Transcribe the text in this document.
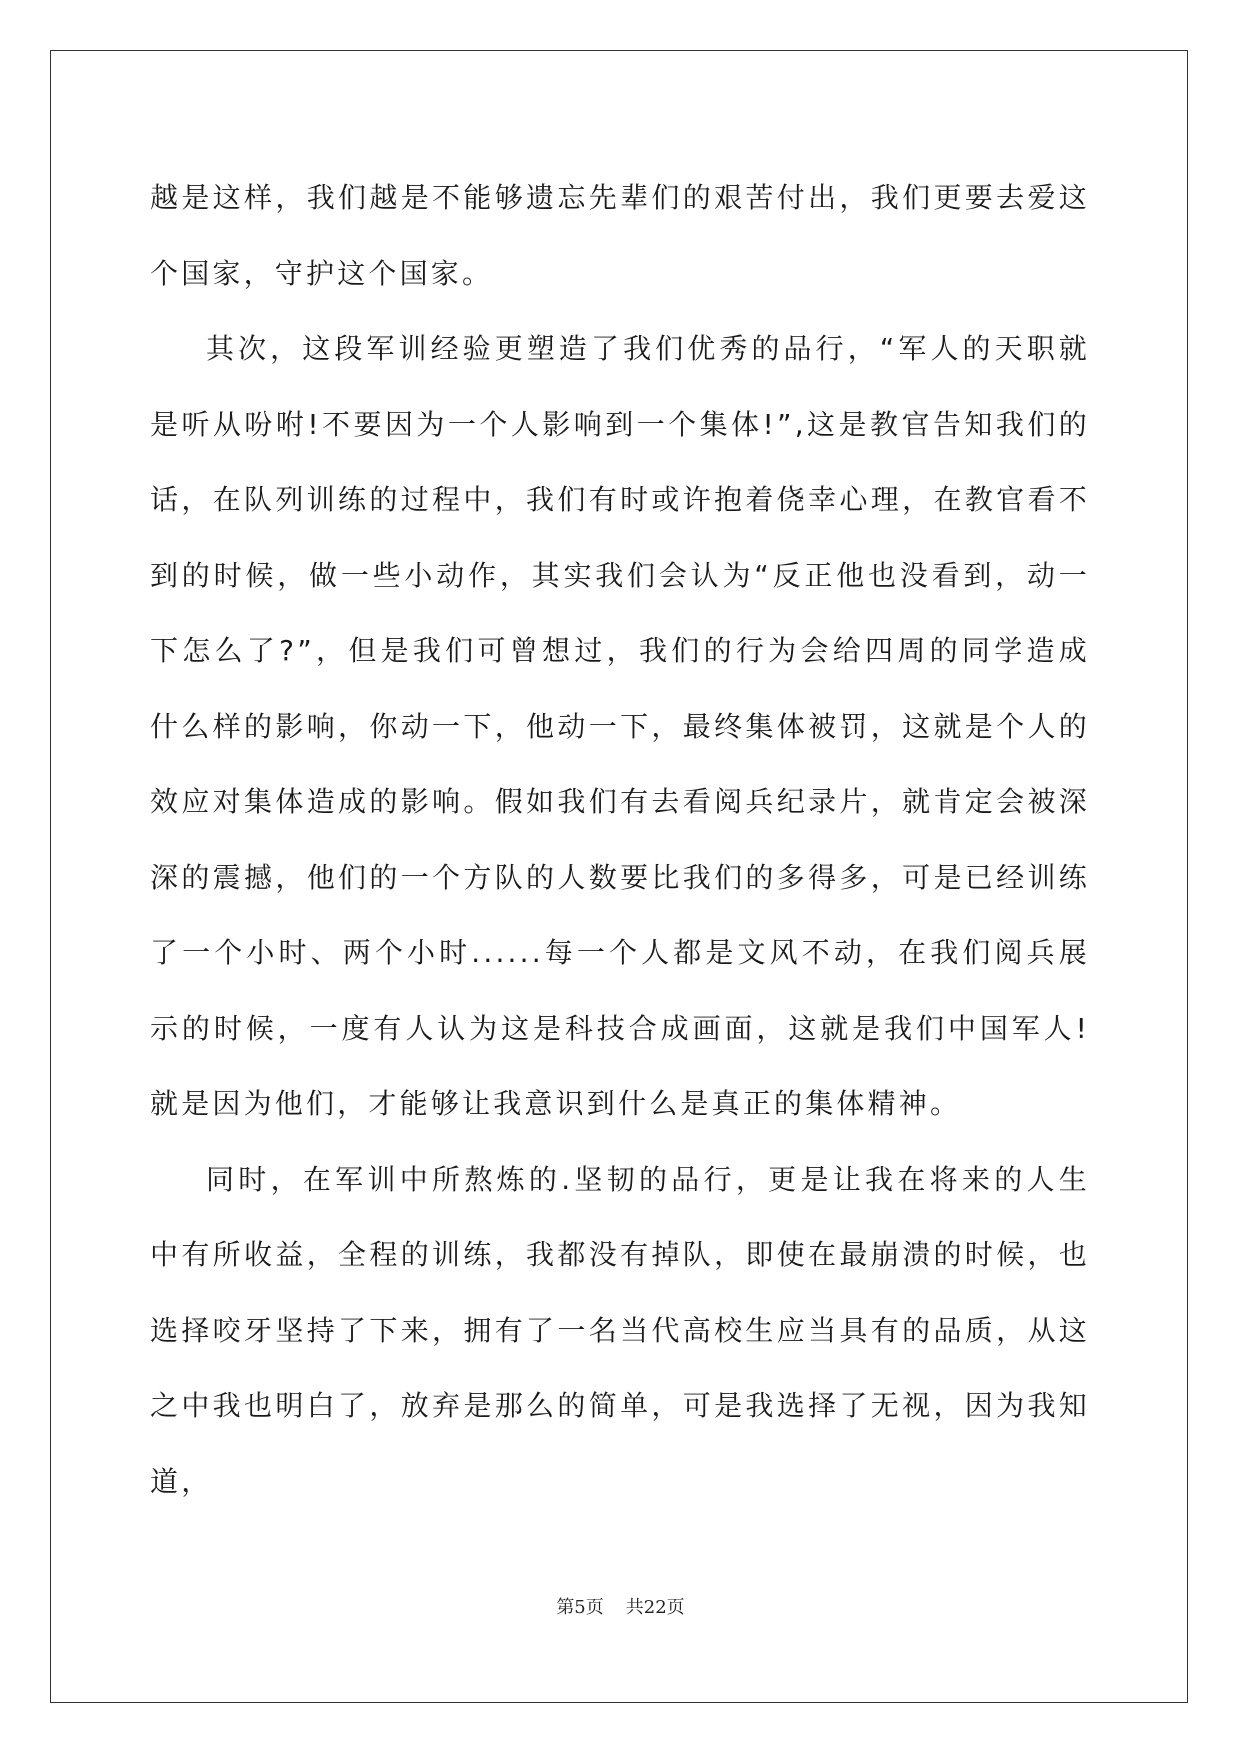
越是这样，我们越是不能够遗忘先辈们的艰苦付出，我们更要去爱这个国家，守护这个国家。

其次，这段军训经验更塑造了我们优秀的品行，“军人的天职就是听从吩咐!不要因为一个人影响到一个集体!”,这是教官告知我们的话，在队列训练的过程中，我们有时或许抱着侥幸心理，在教官看不到的时候，做一些小动作，其实我们会认为“反正他也没看到，动一下怎么了?”，但是我们可曾想过，我们的行为会给四周的同学造成什么样的影响，你动一下，他动一下，最终集体被罚，这就是个人的效应对集体造成的影响。假如我们有去看阅兵纪录片，就肯定会被深深的震撼，他们的一个方队的人数要比我们的多得多，可是已经训练了一个小时、两个小时......每一个人都是文风不动，在我们阅兵展示的时候，一度有人认为这是科技合成画面，这就是我们中国军人!就是因为他们，才能够让我意识到什么是真正的集体精神。

同时，在军训中所熬炼的.坚韧的品行，更是让我在将来的人生中有所收益，全程的训练，我都没有掉队，即使在最崩溃的时候，也选择咬牙坚持了下来，拥有了一名当代高校生应当具有的品质，从这之中我也明白了，放弃是那么的简单，可是我选择了无视，因为我知道，

第5页 共22页
